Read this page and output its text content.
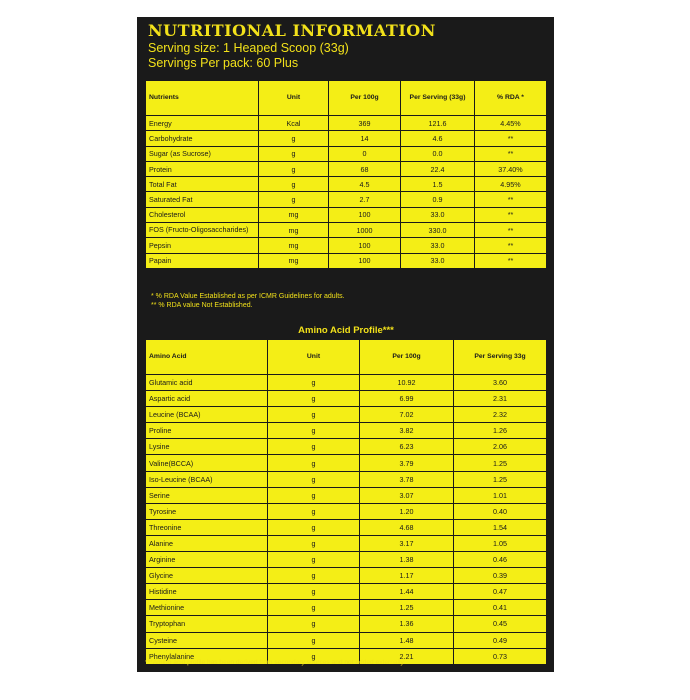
NUTRITIONAL INFORMATION
Serving size: 1 Heaped Scoop (33g)
Servings Per pack: 60 Plus
Nutrients	Unit	Per 100g	Per Serving (33g)	% RDA *
Energy	Kcal	369	121.6	4.45%
Carbohydrate	g	14	4.6	**
Sugar (as Sucrose)	g	0	0.0	**
Protein	g	68	22.4	37.40%
Total Fat	g	4.5	1.5	4.95%
Saturated Fat	g	2.7	0.9	**
Cholesterol	mg	100	33.0	**
FOS (Fructo-Oligosaccharides)	mg	1000	330.0	**
Pepsin	mg	100	33.0	**
Papain	mg	100	33.0	**
* % RDA Value Established as per ICMR Guidelines for adults.
** % RDA value Not Established.
Amino Acid Profile***			
Amino Acid	Unit	Per 100g	Per Serving 33g
Glutamic acid	g	10.92	3.60
Aspartic acid	g	6.99	2.31
Leucine (BCAA)	g	7.02	2.32
Proline	g	3.82	1.26
Lysine	g	6.23	2.06
Valine(BCCA)	g	3.79	1.25
Iso-Leucine (BCAA)	g	3.78	1.25
Serine	g	3.07	1.01
Tyrosine	g	1.20	0.40
Threonine	g	4.68	1.54
Alanine	g	3.17	1.05
Arginine	g	1.38	0.46
Glycine	g	1.17	0.39
Histidine	g	1.44	0.47
Methionine	g	1.25	0.41
Tryptophan	g	1.36	0.45
Cysteine	g	1.48	0.49
Phenylalanine	g	2.21	0.73
***Amino acid profile has been derived from secondary sources and not added externally.
